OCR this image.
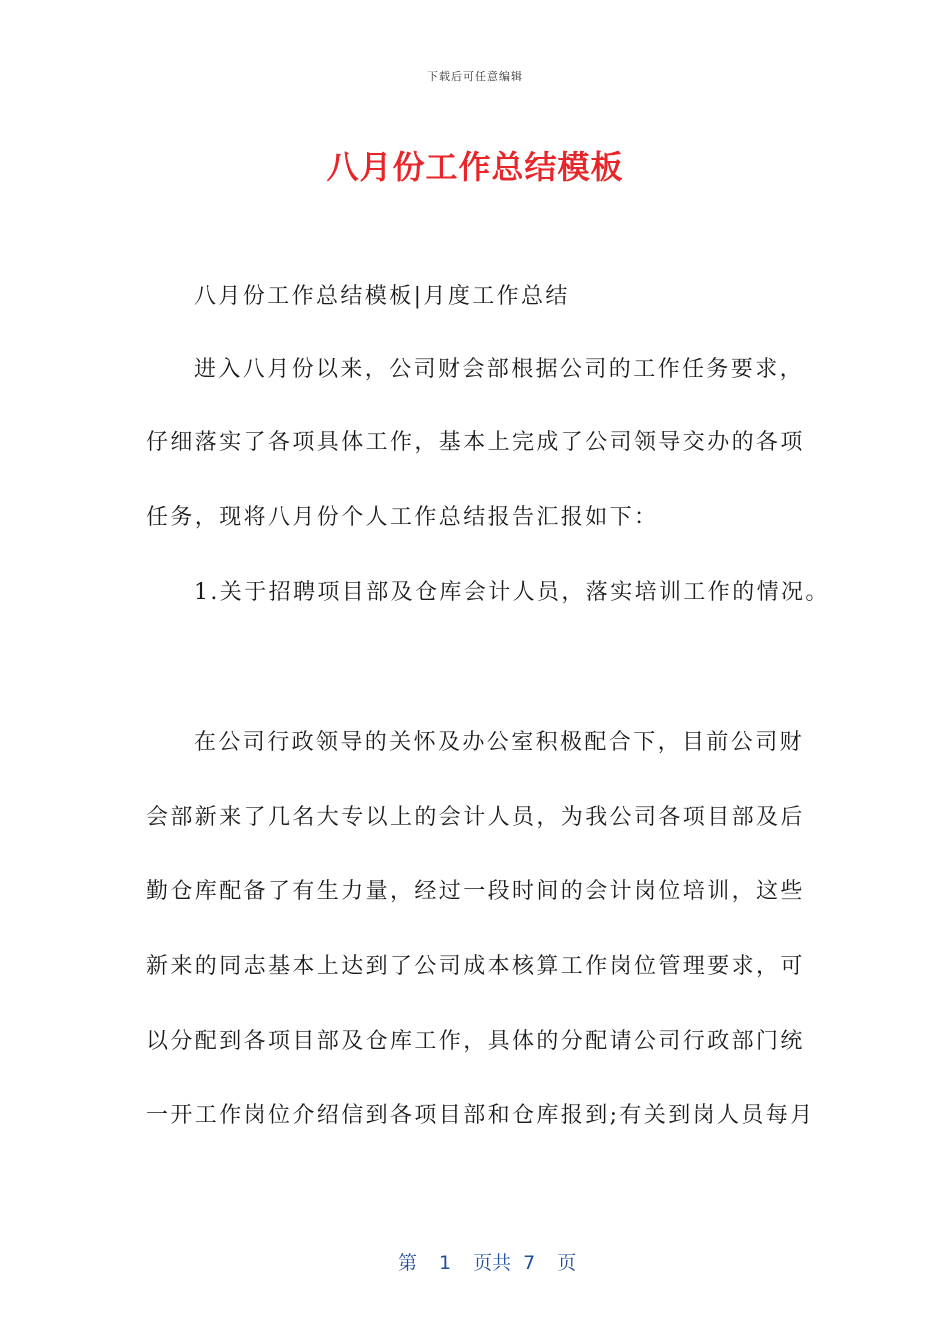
下载后可任意编辑
八月份工作总结模板
八月份工作总结模板|月度工作总结
进入八月份以来，公司财会部根据公司的工作任务要求，
仔细落实了各项具体工作，基本上完成了公司领导交办的各项
任务，现将八月份个人工作总结报告汇报如下：
1.关于招聘项目部及仓库会计人员，落实培训工作的情况。
在公司行政领导的关怀及办公室积极配合下，目前公司财
会部新来了几名大专以上的会计人员，为我公司各项目部及后
勤仓库配备了有生力量，经过一段时间的会计岗位培训，这些
新来的同志基本上达到了公司成本核算工作岗位管理要求，可
以分配到各项目部及仓库工作，具体的分配请公司行政部门统
一开工作岗位介绍信到各项目部和仓库报到;有关到岗人员每月

第 1 页共 7 页
